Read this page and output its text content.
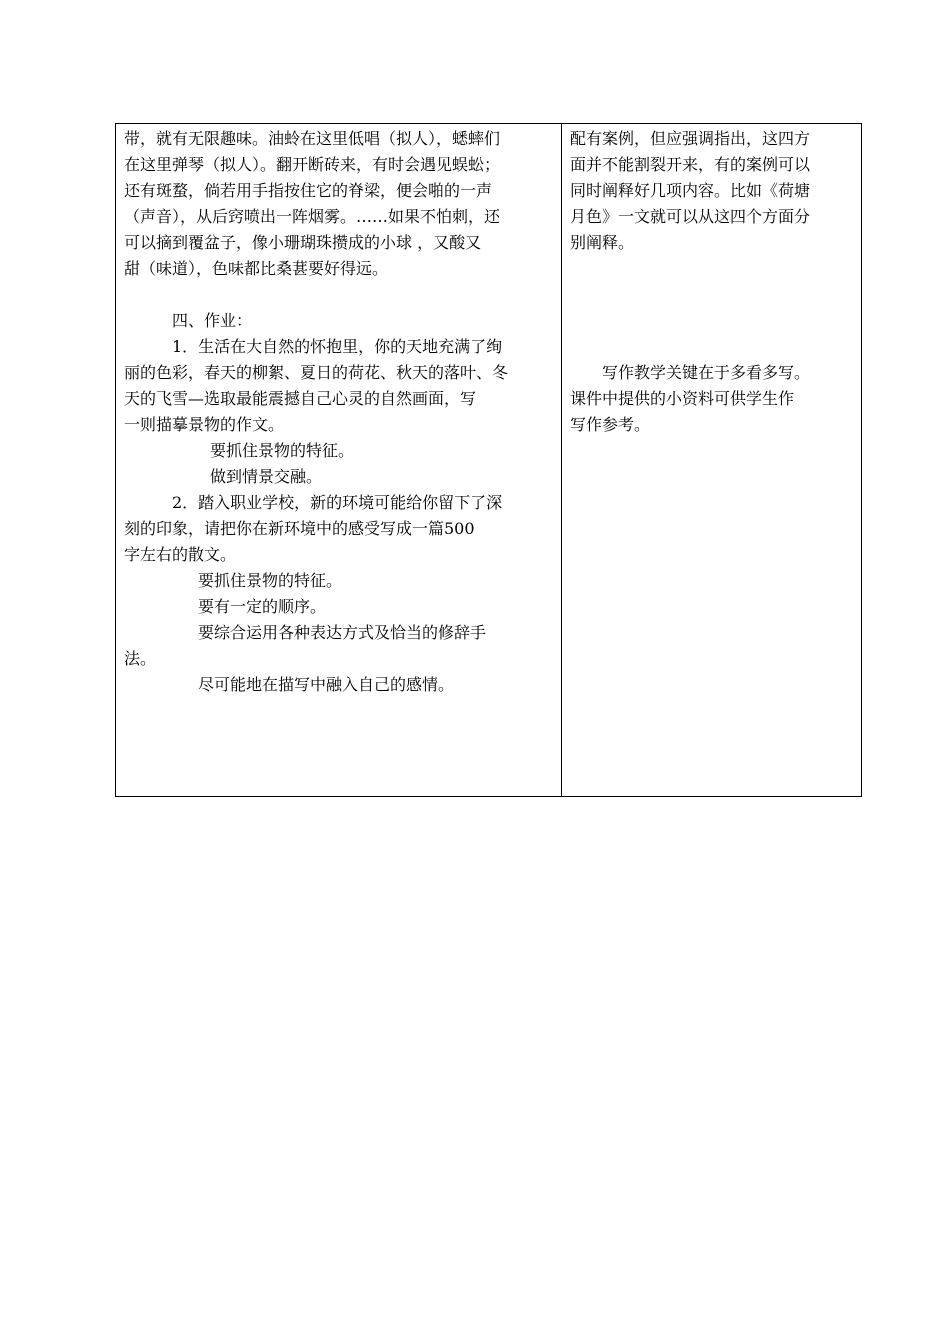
带，就有无限趣味。油蛉在这里低唱（拟人），蟋蟀们
在这里弹琴（拟人）。翻开断砖来，有时会遇见蜈蚣；
还有斑蝥，倘若用手指按住它的脊梁，便会啪的一声
（声音），从后窍喷出一阵烟雾。……如果不怕刺，还
可以摘到覆盆子，像小珊瑚珠攒成的小球 ，又酸又
甜（味道），色味都比桑葚要好得远。
四、作业：
1．生活在大自然的怀抱里，你的天地充满了绚
丽的色彩，春天的柳絮、夏日的荷花、秋天的落叶、冬
天的飞雪—选取最能震撼自己心灵的自然画面，写
一则描摹景物的作文。
要抓住景物的特征。
做到情景交融。
2．踏入职业学校，新的环境可能给你留下了深
刻的印象，请把你在新环境中的感受写成一篇500
字左右的散文。
要抓住景物的特征。
要有一定的顺序。
要综合运用各种表达方式及恰当的修辞手
法。
尽可能地在描写中融入自己的感情。
配有案例，但应强调指出，这四方
面并不能割裂开来，有的案例可以
同时阐释好几项内容。比如《荷塘
月色》一文就可以从这四个方面分
别阐释。
写作教学关键在于多看多写。
课件中提供的小资料可供学生作
写作参考。
